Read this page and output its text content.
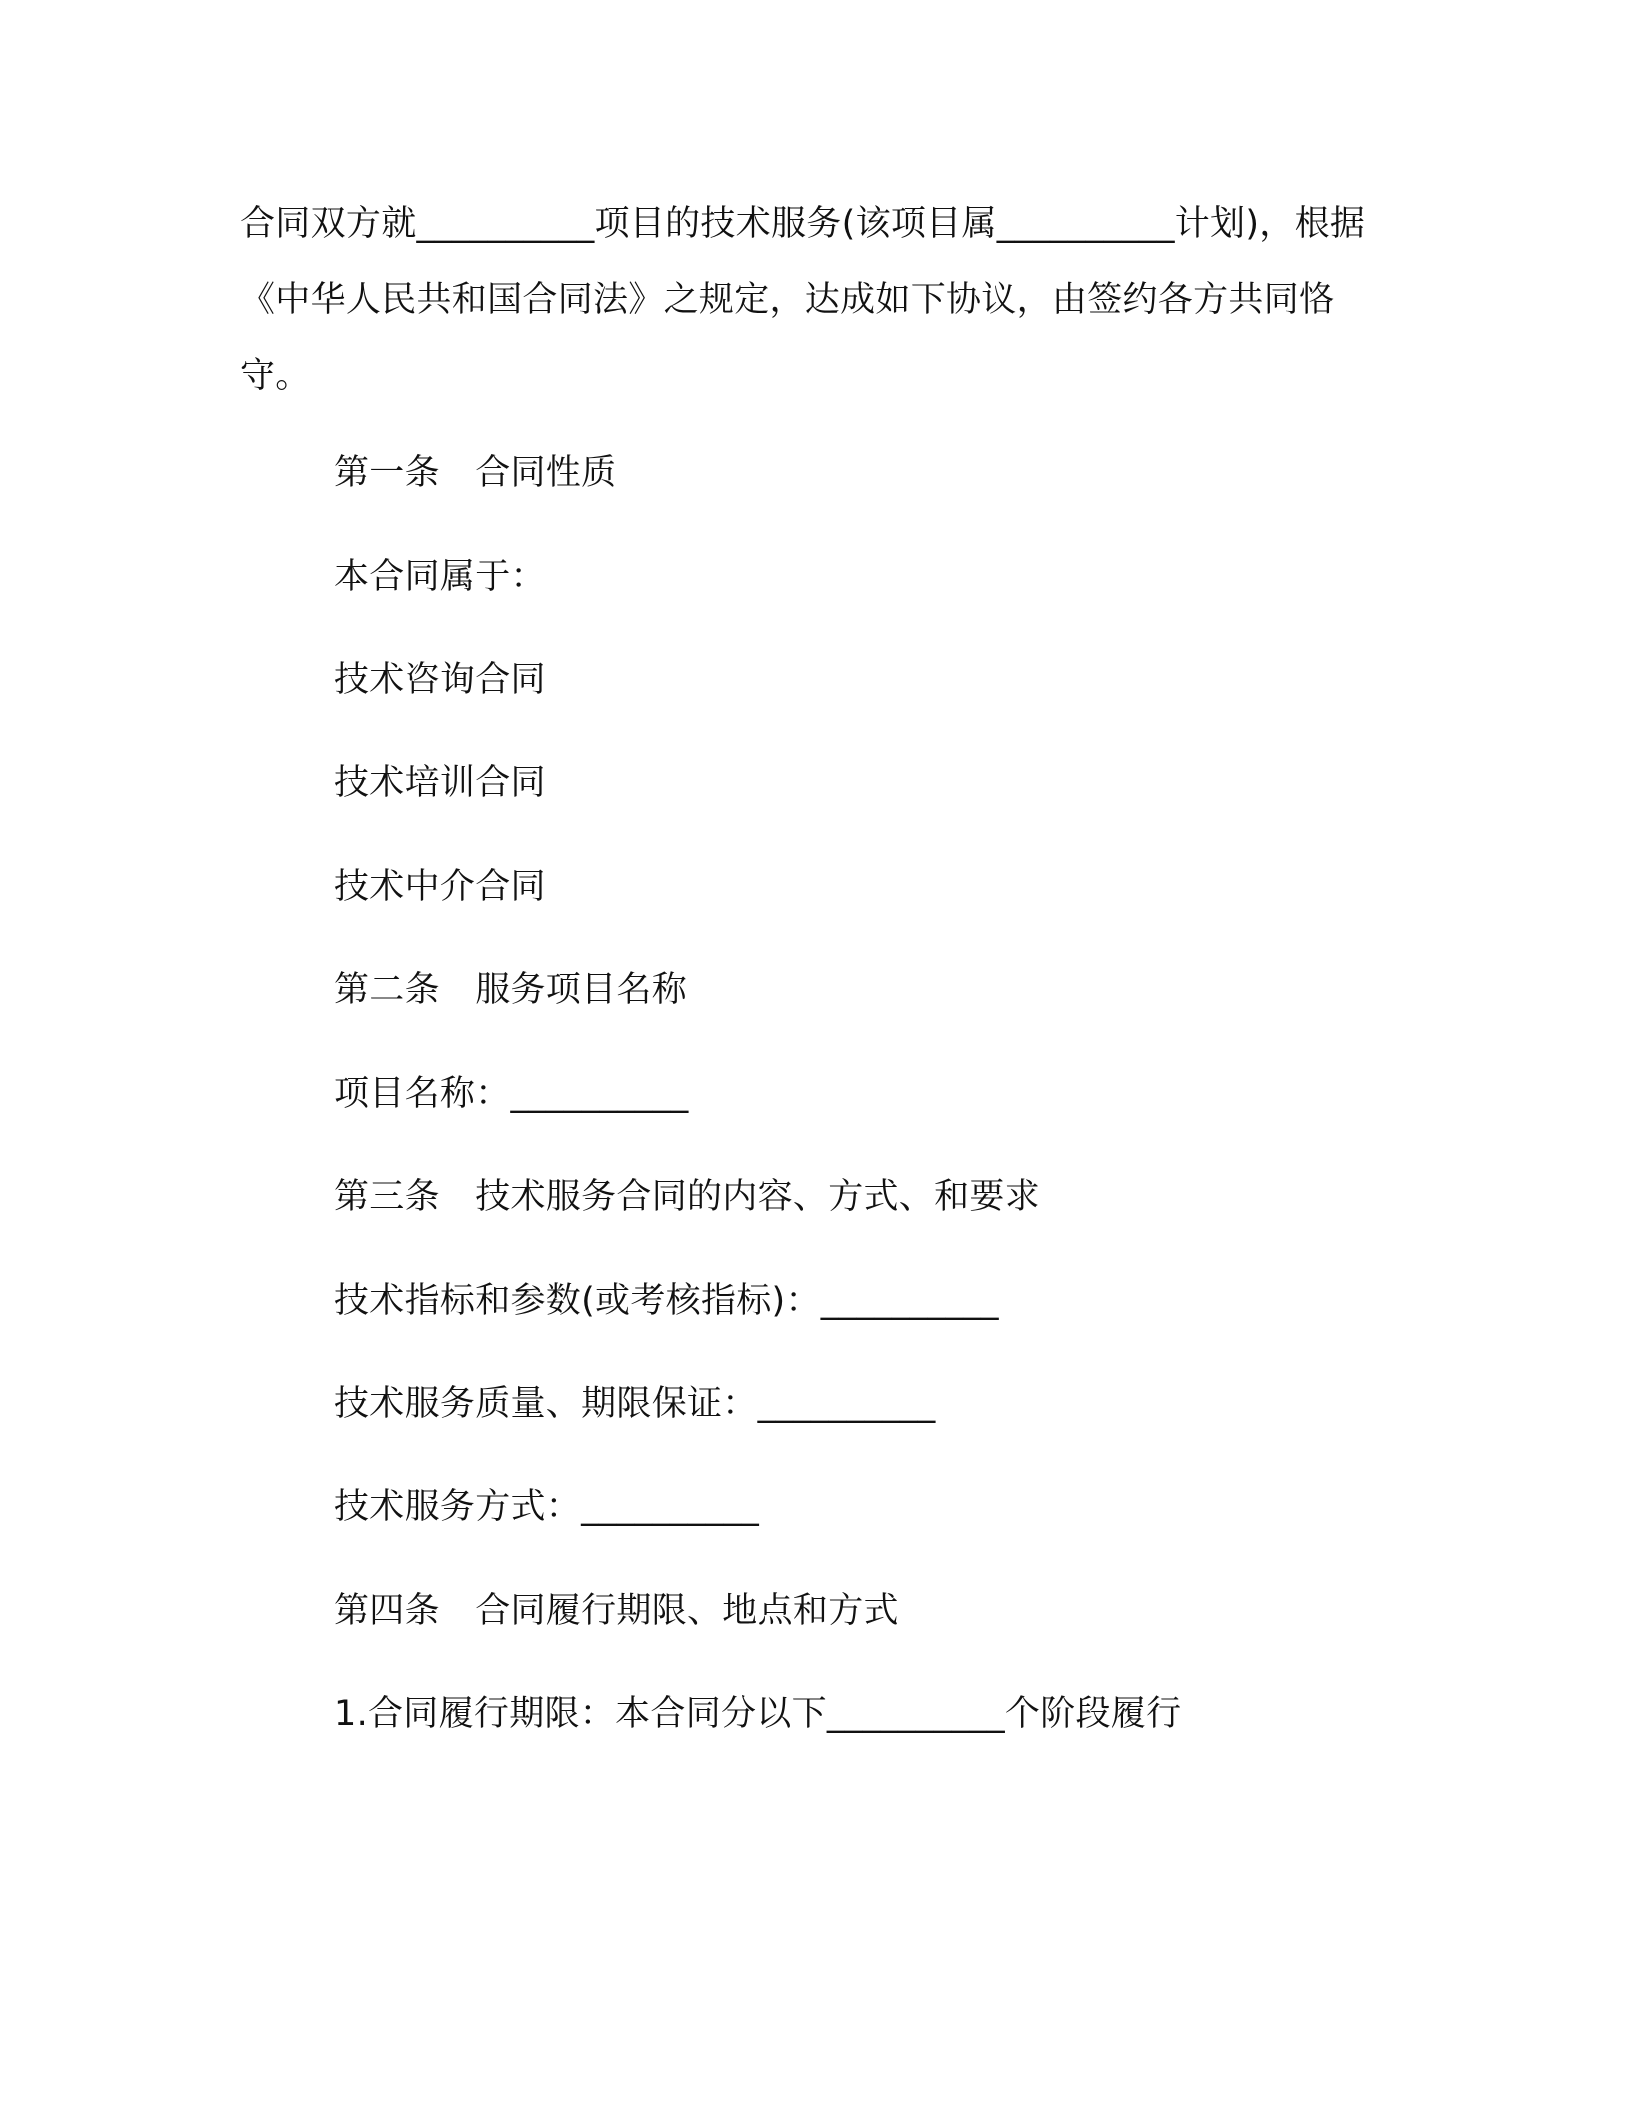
合同双方就__________项目的技术服务(该项目属__________计划)，根据《中华人民共和国合同法》之规定，达成如下协议，由签约各方共同恪守。

第一条　合同性质

本合同属于：

技术咨询合同

技术培训合同

技术中介合同

第二条　服务项目名称

项目名称：__________

第三条　技术服务合同的内容、方式、和要求

技术指标和参数(或考核指标)：__________

技术服务质量、期限保证：__________

技术服务方式：__________

第四条　合同履行期限、地点和方式

1.合同履行期限：本合同分以下__________个阶段履行
